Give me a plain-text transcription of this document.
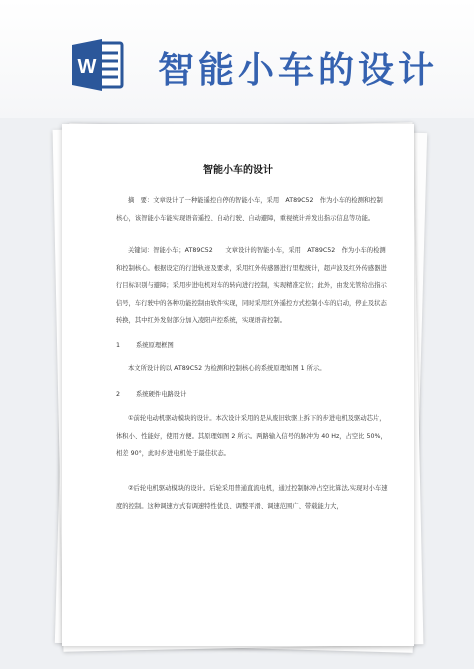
W 智能小车的设计
智能小车的设计
摘　要：文章设计了一种能遥控自停的智能小车，采用　AT89C52　作为小车的检测和控制核心，该智能小车能实现语音遥控、自动行驶、自动避障，重视统计并发出指示信息等功能。
关键词：智能小车；AT89C52　　文章设计的智能小车，采用　AT89C52　作为小车的检测和控制核心。根据设定的行进轨迹及要求，采用红外传感器进行里程统计，超声波及红外传感器进行目标识别与避障；采用步进电机对车的转向进行控制，实现精准定位；此外，由发光管给出指示信号，车行驶中的各种功能控制由软件实现，同时采用红外遥控方式控制小车的启动，停止及状态转换，其中红外发射部分加入凌阳声控系统，实现语音控制。
1	系统原理框图
本文所设计的以 AT89C52 为检测和控制核心的系统原理如图 1 所示。
2	系统硬件电路设计
①前轮电动机驱动模块的设计。本次设计采用的是从废旧软驱上拆下的步进电机及驱动芯片，体积小、性能好，使用方便。其原理如图 2 所示。两路输入信号的脉冲为 40 Hz，占空比 50%，相差 90°，此时步进电机处于最佳状态。
②后轮电机驱动模块的设计。后轮采用普通直流电机，通过控制脉冲占空比算法,实现对小车速度的控制。这种调速方式有调速特性优良、调整平滑、调速范围广、带载能力大，
